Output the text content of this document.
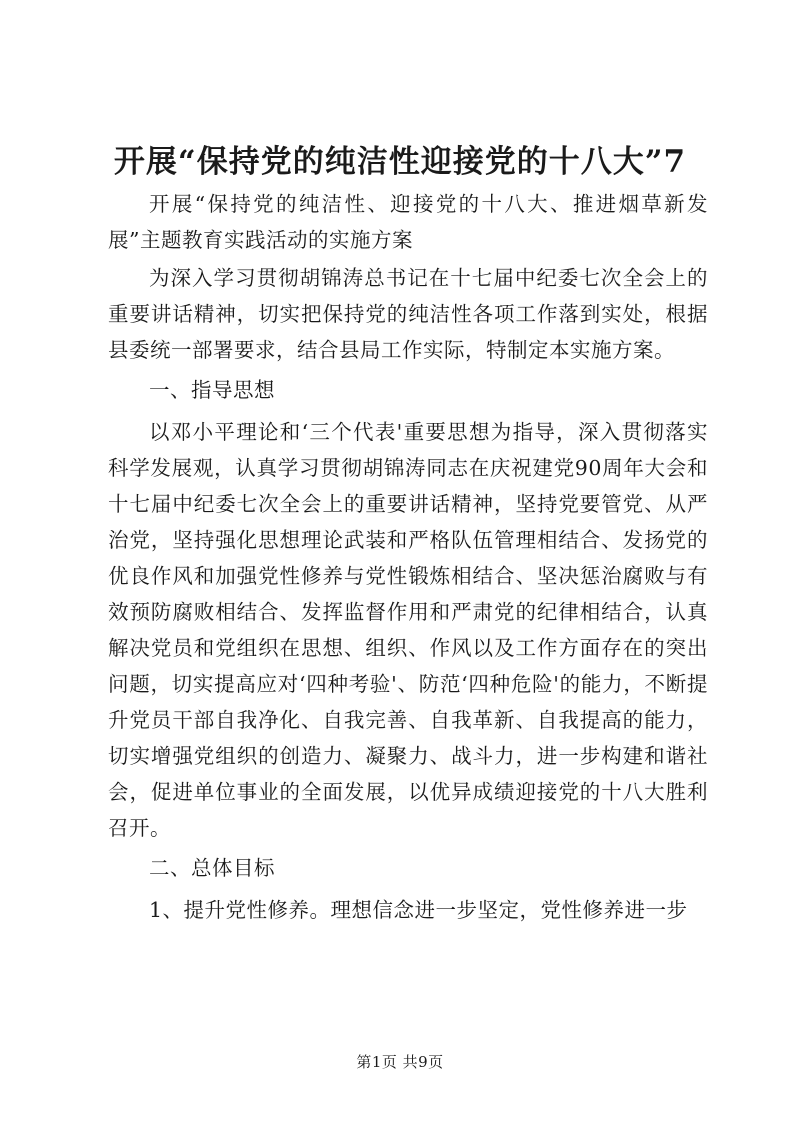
开展“保持党的纯洁性迎接党的十八大”7

开展“保持党的纯洁性、迎接党的十八大、推进烟草新发展”主题教育实践活动的实施方案

为深入学习贯彻胡锦涛总书记在十七届中纪委七次全会上的重要讲话精神，切实把保持党的纯洁性各项工作落到实处，根据县委统一部署要求，结合县局工作实际，特制定本实施方案。

一、指导思想

以邓小平理论和‘三个代表'重要思想为指导，深入贯彻落实科学发展观，认真学习贯彻胡锦涛同志在庆祝建党90周年大会和十七届中纪委七次全会上的重要讲话精神，坚持党要管党、从严治党，坚持强化思想理论武装和严格队伍管理相结合、发扬党的优良作风和加强党性修养与党性锻炼相结合、坚决惩治腐败与有效预防腐败相结合、发挥监督作用和严肃党的纪律相结合，认真解决党员和党组织在思想、组织、作风以及工作方面存在的突出问题，切实提高应对‘四种考验'、防范‘四种危险'的能力，不断提升党员干部自我净化、自我完善、自我革新、自我提高的能力，切实增强党组织的创造力、凝聚力、战斗力，进一步构建和谐社会，促进单位事业的全面发展，以优异成绩迎接党的十八大胜利召开。

二、总体目标

1、提升党性修养。理想信念进一步坚定，党性修养进一步

第1页 共9页
